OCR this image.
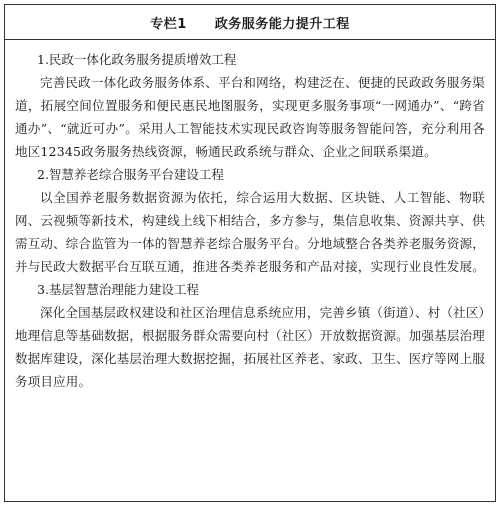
专栏1 政务服务能力提升工程

1.民政一体化政务服务提质增效工程

完善民政一体化政务服务体系、平台和网络，构建泛在、便捷的民政政务服务渠道，拓展空间位置服务和便民惠民地图服务，实现更多服务事项“一网通办”、“跨省通办”、“就近可办”。采用人工智能技术实现民政咨询等服务智能问答，充分利用各地区12345政务服务热线资源，畅通民政系统与群众、企业之间联系渠道。

2.智慧养老综合服务平台建设工程

以全国养老服务数据资源为依托，综合运用大数据、区块链、人工智能、物联网、云视频等新技术，构建线上线下相结合，多方参与，集信息收集、资源共享、供需互动、综合监管为一体的智慧养老综合服务平台。分地域整合各类养老服务资源，并与民政大数据平台互联互通，推进各类养老服务和产品对接，实现行业良性发展。

3.基层智慧治理能力建设工程

深化全国基层政权建设和社区治理信息系统应用，完善乡镇（街道）、村（社区）地理信息等基础数据，根据服务群众需要向村（社区）开放数据资源。加强基层治理数据库建设，深化基层治理大数据挖掘，拓展社区养老、家政、卫生、医疗等网上服务项目应用。
